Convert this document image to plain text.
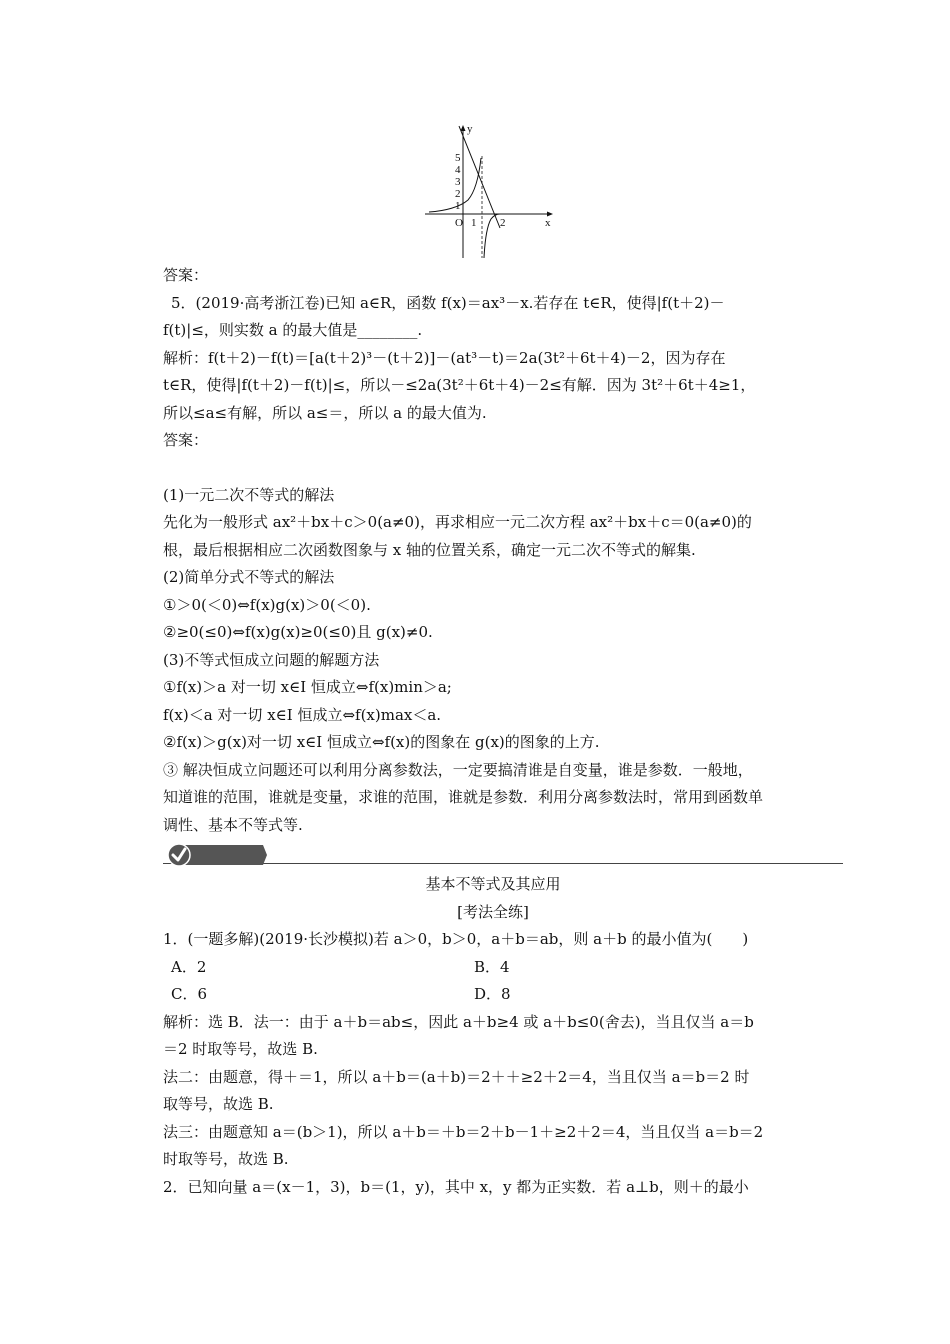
y
x
O
5
4
3
2
1
1 2

答案：

5．(2019·高考浙江卷)已知 a∈R，函数 f(x)＝ax³－x.若存在 t∈R，使得|f(t＋2)－

f(t)|≤，则实数 a 的最大值是________.

解析：f(t＋2)－f(t)＝[a(t＋2)³－(t＋2)]－(at³－t)＝2a(3t²＋6t＋4)－2，因为存在

t∈R，使得|f(t＋2)－f(t)|≤，所以－≤2a(3t²＋6t＋4)－2≤有解．因为 3t²＋6t＋4≥1，

所以≤a≤有解，所以 a≤＝，所以 a 的最大值为.

答案：

(1)一元二次不等式的解法

先化为一般形式 ax²＋bx＋c＞0(a≠0)，再求相应一元二次方程 ax²＋bx＋c＝0(a≠0)的

根，最后根据相应二次函数图象与 x 轴的位置关系，确定一元二次不等式的解集.

(2)简单分式不等式的解法

①＞0(＜0)⇔f(x)g(x)＞0(＜0).

②≥0(≤0)⇔f(x)g(x)≥0(≤0)且 g(x)≠0.

(3)不等式恒成立问题的解题方法

①f(x)＞a 对一切 x∈I 恒成立⇔f(x)min＞a;

f(x)＜a 对一切 x∈I 恒成立⇔f(x)max＜a.

②f(x)＞g(x)对一切 x∈I 恒成立⇔f(x)的图象在 g(x)的图象的上方.

③ 解决恒成立问题还可以利用分离参数法，一定要搞清谁是自变量，谁是参数．一般地，

知道谁的范围，谁就是变量，求谁的范围，谁就是参数．利用分离参数法时，常用到函数单

调性、基本不等式等.

基本不等式及其应用

[考法全练]

1．(一题多解)(2019·长沙模拟)若 a＞0，b＞0，a＋b＝ab，则 a＋b 的最小值为(　　)

A．2	B．4
C．6	D．8

解析：选 B．法一：由于 a＋b＝ab≤，因此 a＋b≥4 或 a＋b≤0(舍去)，当且仅当 a＝b

＝2 时取等号，故选 B.

法二：由题意，得＋＝1，所以 a＋b＝(a＋b)＝2＋＋≥2＋2＝4，当且仅当 a＝b＝2 时

取等号，故选 B.

法三：由题意知 a＝(b＞1)，所以 a＋b＝＋b＝2＋b－1＋≥2＋2＝4，当且仅当 a＝b＝2

时取等号，故选 B.

2．已知向量 a＝(x－1，3)，b＝(1，y)，其中 x，y 都为正实数．若 a⊥b，则＋的最小
